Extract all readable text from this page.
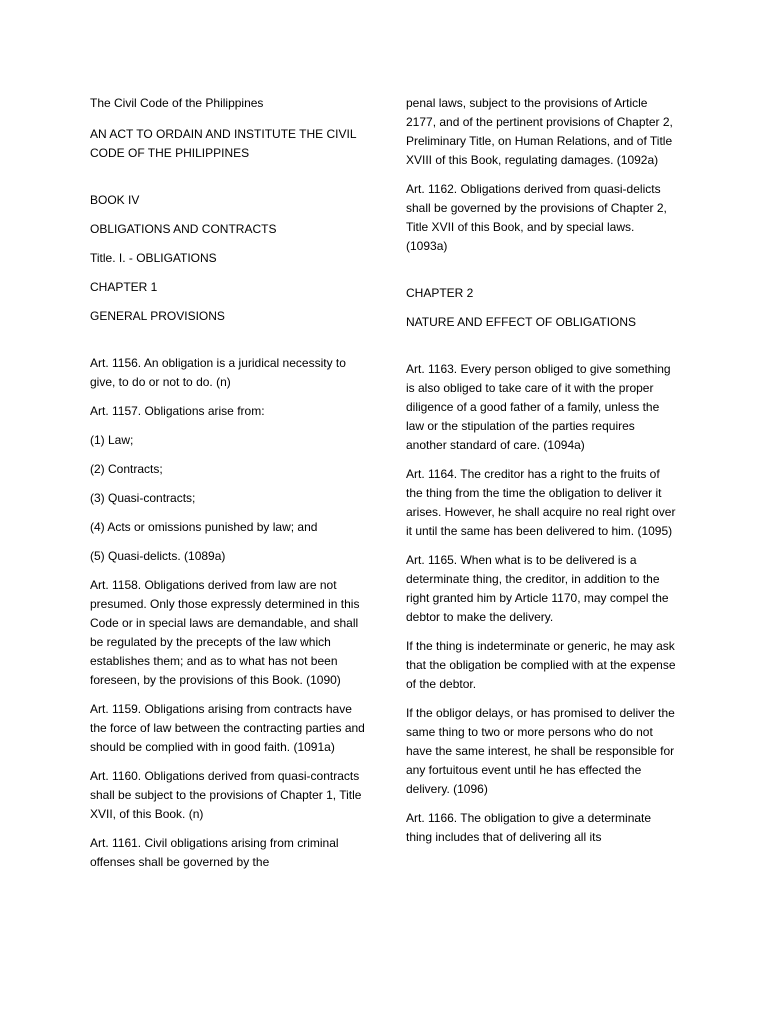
The Civil Code of the Philippines

AN ACT TO ORDAIN AND INSTITUTE THE CIVIL CODE OF THE PHILIPPINES

BOOK IV

OBLIGATIONS AND CONTRACTS

Title. I. - OBLIGATIONS

CHAPTER 1

GENERAL PROVISIONS

Art. 1156. An obligation is a juridical necessity to give, to do or not to do. (n)

Art. 1157. Obligations arise from:

(1) Law;

(2) Contracts;

(3) Quasi-contracts;

(4) Acts or omissions punished by law; and

(5) Quasi-delicts. (1089a)

Art. 1158. Obligations derived from law are not presumed. Only those expressly determined in this Code or in special laws are demandable, and shall be regulated by the precepts of the law which establishes them; and as to what has not been foreseen, by the provisions of this Book. (1090)

Art. 1159. Obligations arising from contracts have the force of law between the contracting parties and should be complied with in good faith. (1091a)

Art. 1160. Obligations derived from quasi-contracts shall be subject to the provisions of Chapter 1, Title XVII, of this Book. (n)

Art. 1161. Civil obligations arising from criminal offenses shall be governed by the

penal laws, subject to the provisions of Article 2177, and of the pertinent provisions of Chapter 2, Preliminary Title, on Human Relations, and of Title XVIII of this Book, regulating damages. (1092a)

Art. 1162. Obligations derived from quasi-delicts shall be governed by the provisions of Chapter 2, Title XVII of this Book, and by special laws. (1093a)

CHAPTER 2

NATURE AND EFFECT OF OBLIGATIONS

Art. 1163. Every person obliged to give something is also obliged to take care of it with the proper diligence of a good father of a family, unless the law or the stipulation of the parties requires another standard of care. (1094a)

Art. 1164. The creditor has a right to the fruits of the thing from the time the obligation to deliver it arises. However, he shall acquire no real right over it until the same has been delivered to him. (1095)

Art. 1165. When what is to be delivered is a determinate thing, the creditor, in addition to the right granted him by Article 1170, may compel the debtor to make the delivery.

If the thing is indeterminate or generic, he may ask that the obligation be complied with at the expense of the debtor.

If the obligor delays, or has promised to deliver the same thing to two or more persons who do not have the same interest, he shall be responsible for any fortuitous event until he has effected the delivery. (1096)

Art. 1166. The obligation to give a determinate thing includes that of delivering all its
